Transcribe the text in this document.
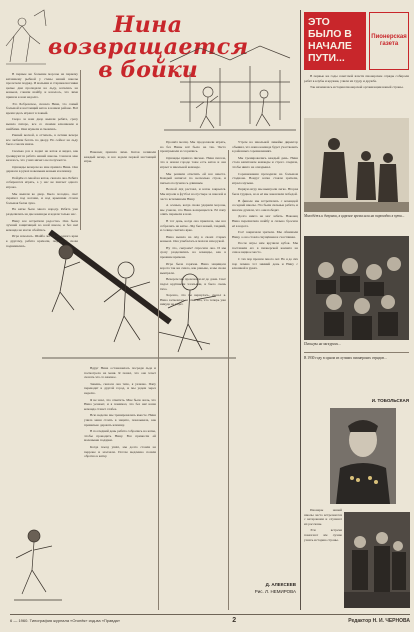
Нина возвращается
в бойки

В первые же большие морозы на первому катавшему рыбной у стены нашей школы пролетели подряд. И малыши и старшеклассники целые дни пропадали на льду, катались на коньках, гоняли шайбу, и казалось, что зима пришла к нам надолго.

Это Бобровское, сказала Нина, это самый большой и настоящий каток в нашем районе. Всё время здесь играют в хоккей.

Скоро за наш двор вышли ребята, сразу вышло пятеро, все со своими клюшками и шайбами. Они шумели и смеялись.

Ранней весной, в оттепель, в летние вечера все любили бегать по двору. Но сейчас на льду было совсем иначе.

Сколько раз я ходил на каток и видел, как тренируются ребята нашей школы. Сначала мне казалось, что у них ничего не получается.

Однажды вечером ко мне пришла Нина. Она держала в руках новенькие коньки и клюшку.

Пойдём со мной на каток, сказала она. Ребята собираются играть, а у нас не хватает одного игрока.

Мы вышли во двор. Было холодно, снег скрипел под ногами, и над крышами стояла большая белая луна.

На катке было много народу. Ребята уже разделились на две команды и ждали только нас.

Нину все встретили радостно. Она была лучшей защитницей во всей школе, и без неё команда не могла обойтись.

Игра началась. Шайба летала от одного края к другому, ребята кричали, падали и снова поднимались.

Наконец пришла зима. Каток заливали каждый вечер, и все ждали первой настоящей игры.

Вдруг Нина остановилась посреди льда и посмотрела на меня. Я понял, что она хочет сказать что-то важное.

Знаешь, сказала она тихо, я уезжаю. Папу переводят в другой город, и мы уедем через неделю.

Я не знал, что ответить. Мне было жаль, что Нина уезжает, и я понимал, что без неё наша команда станет слабее.

Всю неделю мы тренировались вместе. Нина учила меня стоять в защите, показывала, как правильно держать клюшку.

В последний день ребята собрались на катке, чтобы проводить Нину. Все принесли ей маленькие подарки.

Когда поезд ушёл, мы долго стояли на перроне и молчали. Потом медленно пошли обратно к катку.

Прошёл месяц. Мы продолжали играть, но без Нины всё было не так. Часто проигрывали и ссорились.

Однажды пришло письмо. Нина писала, что в новом городе тоже есть каток и она играет в школьной команде.

Мы решили ответить ей все вместе. Каждый написал по несколько строк, и письмо получилось длинным.

Весной лёд растаял, и каток закрылся. Мы играли в футбол на пустыре за школой и часто вспоминали Нину.

А осенью, когда снова ударили морозы, мы узнали, что Нина возвращается. Её папу опять перевели к нам.

В тот день, когда она приехала, мы все собрались на катке. Лёд был новый, гладкий, и солнце светило ярко.

Нина вышла на лёд в своих старых коньках. Она улыбалась и махала нам рукой.

Ну что, сыграем? спросила она. И мы сразу разделились на команды, как в прежние времена.

Игра была горячая. Нина защищала ворота так же смело, как раньше, и мы снова выиграли.

Вечером мы провожали её до дома. Снег падал крупными хлопьями, и было очень тихо.

Хорошо, что ты вернулась, сказал я. Нина засмеялась и ответила, что теперь уже никуда не уедет.

Утром на школьной линейке директор объявил, что наша команда будет участвовать в районных соревнованиях.

Мы тренировались каждый день. Нина стала капитаном команды и строго следила, чтобы никто не опаздывал.

Соревнования проходили на большом стадионе. Вокруг катка стояли зрители, играла музыка.

Первую игру мы выиграли легко. Вторая была труднее, но и её мы закончили победой.

В финале мы встретились с командой соседней школы. Это были сильные ребята, и многие думали, что они победят.

Долго никто не мог забить. Наконец Нина перехватила шайбу и сильно бросила её в ворота.

Гол! закричали зрители. Мы обнимали Нину, а она стояла смущённая и счастливая.

После игры нам вручили кубок. Мы поставили его в пионерской комнате на самое видное место.

С тех пор прошло много лет. Но я до сих пор помню тот зимний день и Нину с клюшкой в руках.

Д. АЛЕКСЕЕВ
Рис. Л. НЕМИРОВА
ЭТО БЫЛО В НАЧАЛЕ ПУТИ...
Пионерская газета

В первые же годы советской власти пионерские отряды собирали ребят в клубы и кружки, учили их труду и дружбе.

Так начиналась история пионерской организации нашей страны.

Молодёжь и девушки, в царское время шли на пароходах в пути...
Пионеры на экскурсии...
В 1930 году в одном из лучших пионерских отрядов...
И. ТОБОЛЬСКАЯ

Пионеры нашей школы часто встречаются с ветеранами и слушают их рассказы.

Эти встречи помогают им лучше узнать историю страны.

6 — 1960. Типография журнала «Огонёк» изд-ва «Правда»	2	Редактор Н. И. ЧЕРНОВА
